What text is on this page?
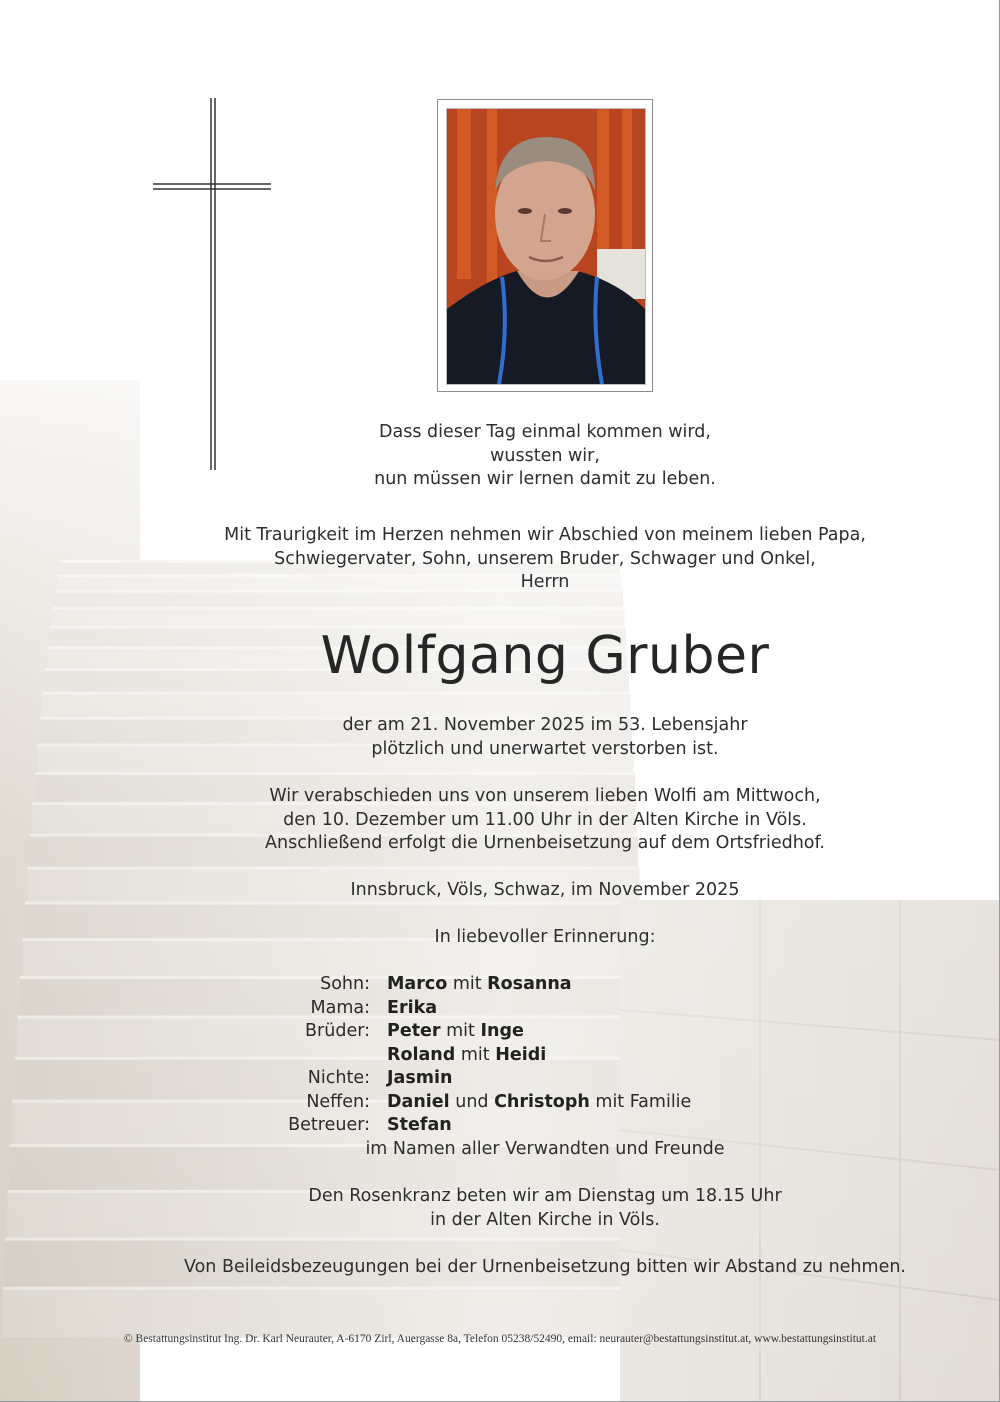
Dass dieser Tag einmal kommen wird,
wussten wir,
nun müssen wir lernen damit zu leben.
Mit Traurigkeit im Herzen nehmen wir Abschied von meinem lieben Papa,
Schwiegervater, Sohn, unserem Bruder, Schwager und Onkel,
Herrn
Wolfgang Gruber
der am 21. November 2025 im 53. Lebensjahr
plötzlich und unerwartet verstorben ist.
Wir verabschieden uns von unserem lieben Wolfi am Mittwoch,
den 10. Dezember um 11.00 Uhr in der Alten Kirche in Völs.
Anschließend erfolgt die Urnenbeisetzung auf dem Ortsfriedhof.
Innsbruck, Völs, Schwaz, im November 2025
In liebevoller Erinnerung:
Sohn: Marco mit Rosanna
Mama: Erika
Brüder: Peter mit Inge
Roland mit Heidi
Nichte: Jasmin
Neffen: Daniel und Christoph mit Familie
Betreuer: Stefan
im Namen aller Verwandten und Freunde
Den Rosenkranz beten wir am Dienstag um 18.15 Uhr
in der Alten Kirche in Völs.
Von Beileidsbezeugungen bei der Urnenbeisetzung bitten wir Abstand zu nehmen.
© Bestattungsinstitut Ing. Dr. Karl Neurauter, A-6170 Zirl, Auergasse 8a, Telefon 05238/52490, email: neurauter@bestattungsinstitut.at, www.bestattungsinstitut.at
